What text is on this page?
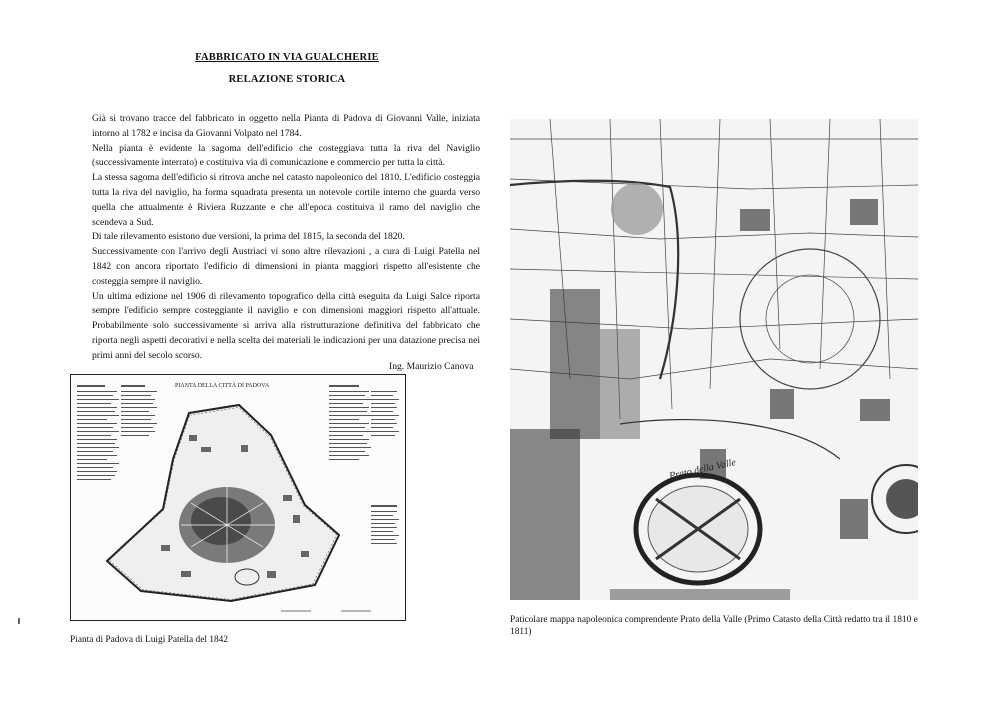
FABBRICATO IN VIA GUALCHERIE
RELAZIONE STORICA

Già si trovano tracce del fabbricato in oggetto nella Pianta di Padova di Giovanni Valle, iniziata intorno al 1782 e incisa da Giovanni Volpato nel 1784.

Nella pianta è evidente la sagoma dell'edificio che costeggiava tutta la riva del Naviglio (successivamente interrato) e costituiva via di comunicazione e commercio per tutta la città.

La stessa sagoma dell'edificio si ritrova anche nel catasto napoleonico del 1810. L'edificio costeggia tutta la riva del naviglio, ha forma squadrata presenta un notevole cortile interno che guarda verso quella che attualmente è Riviera Ruzzante e che all'epoca costituiva il ramo del naviglio che scendeva a Sud.

Di tale rilevamento esistono due versioni, la prima del 1815, la seconda del 1820.

Successivamente con l'arrivo degli Austriaci vi sono altre rilevazioni , a cura di Luigi Patella nel 1842 con ancora riportato l'edificio di dimensioni in pianta maggiori rispetto all'esistente che costeggia sempre il naviglio.

Un ultima edizione nel 1906 di rilevamento topografico della città eseguita da Luigi Salce riporta sempre l'edificio sempre costeggiante il naviglio e con dimensioni maggiori rispetto all'attuale. Probabilmente solo successivamente si arriva alla ristrutturazione definitiva del fabbricato che riporta negli aspetti decorativi e nella scelta dei materiali le indicazioni per una datazione precisa nei primi anni del secolo scorso.

Ing. Maurizio Canova
PIANTA DELLA CITTÀ DI PADOVA
Pianta di Padova di Luigi Patella del 1842
Prato della Valle
Paticolare mappa napoleonica comprendente Prato della Valle (Primo Catasto della Città redatto tra il 1810 e 1811)
